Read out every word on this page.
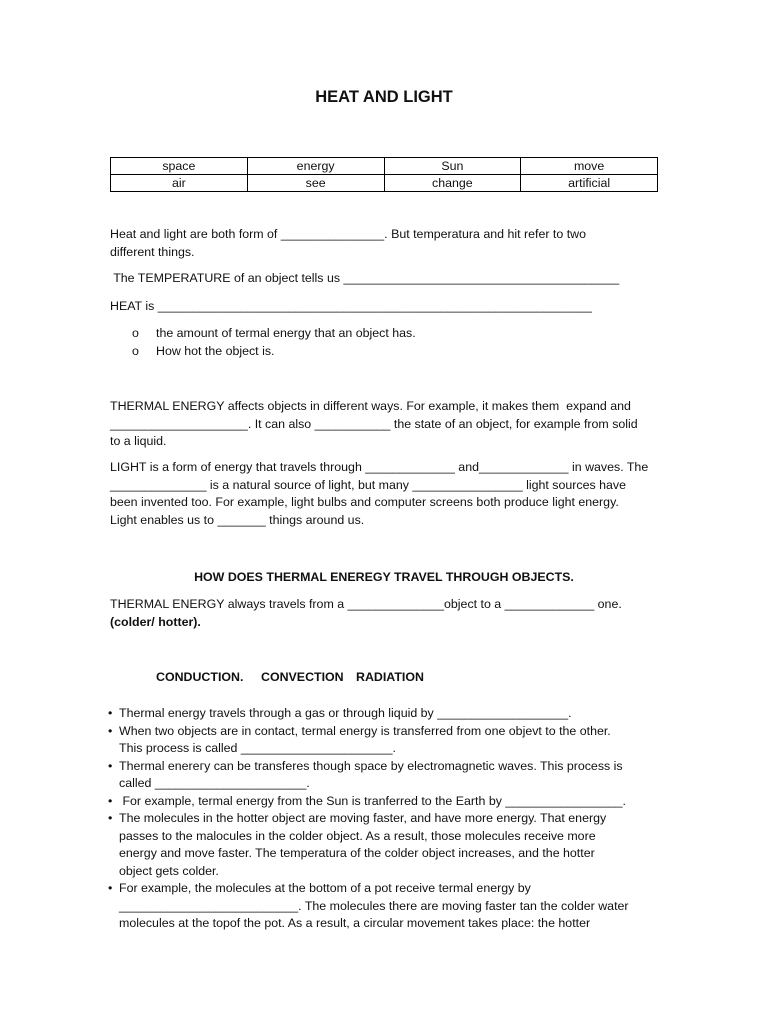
HEAT AND LIGHT
space	energy	Sun	move
air	see	change	artificial
Heat and light are both form of _______________. But temperatura and hit refer to two
different things.
The TEMPERATURE of an object tells us ________________________________________
HEAT is _______________________________________________________________
o the amount of termal energy that an object has.
o How hot the object is.
THERMAL ENERGY affects objects in different ways. For example, it makes them  expand and
____________________. It can also ___________ the state of an object, for example from solid
to a liquid.
LIGHT is a form of energy that travels through _____________ and_____________ in waves. The
______________ is a natural source of light, but many ________________ light sources have
been invented too. For example, light bulbs and computer screens both produce light energy.
Light enables us to _______ things around us.
HOW DOES THERMAL ENEREGY TRAVEL THROUGH OBJECTS.
THERMAL ENERGY always travels from a ______________object to a _____________ one.
(colder/ hotter).
CONDUCTION. CONVECTION RADIATION
• Thermal energy travels through a gas or through liquid by ___________________.
• When two objects are in contact, termal energy is transferred from one objevt to the other.
This process is called ______________________.
• Thermal enerегy can be transferes though space by electromagnetic waves. This process is
called ______________________.
• For example, termal energy from the Sun is tranferred to the Earth by _________________.
• The molecules in the hotter object are moving faster, and have more energy. That energy
passes to the malocules in the colder object. As a result, those molecules receive more
energy and move faster. The temperatura of the colder object increases, and the hotter
object gets colder.
• For example, the molecules at the bottom of a pot receive termal energy by
__________________________. The molecules there are moving faster tan the colder water
molecules at the topof the pot. As a result, a circular movement takes place: the hotter
